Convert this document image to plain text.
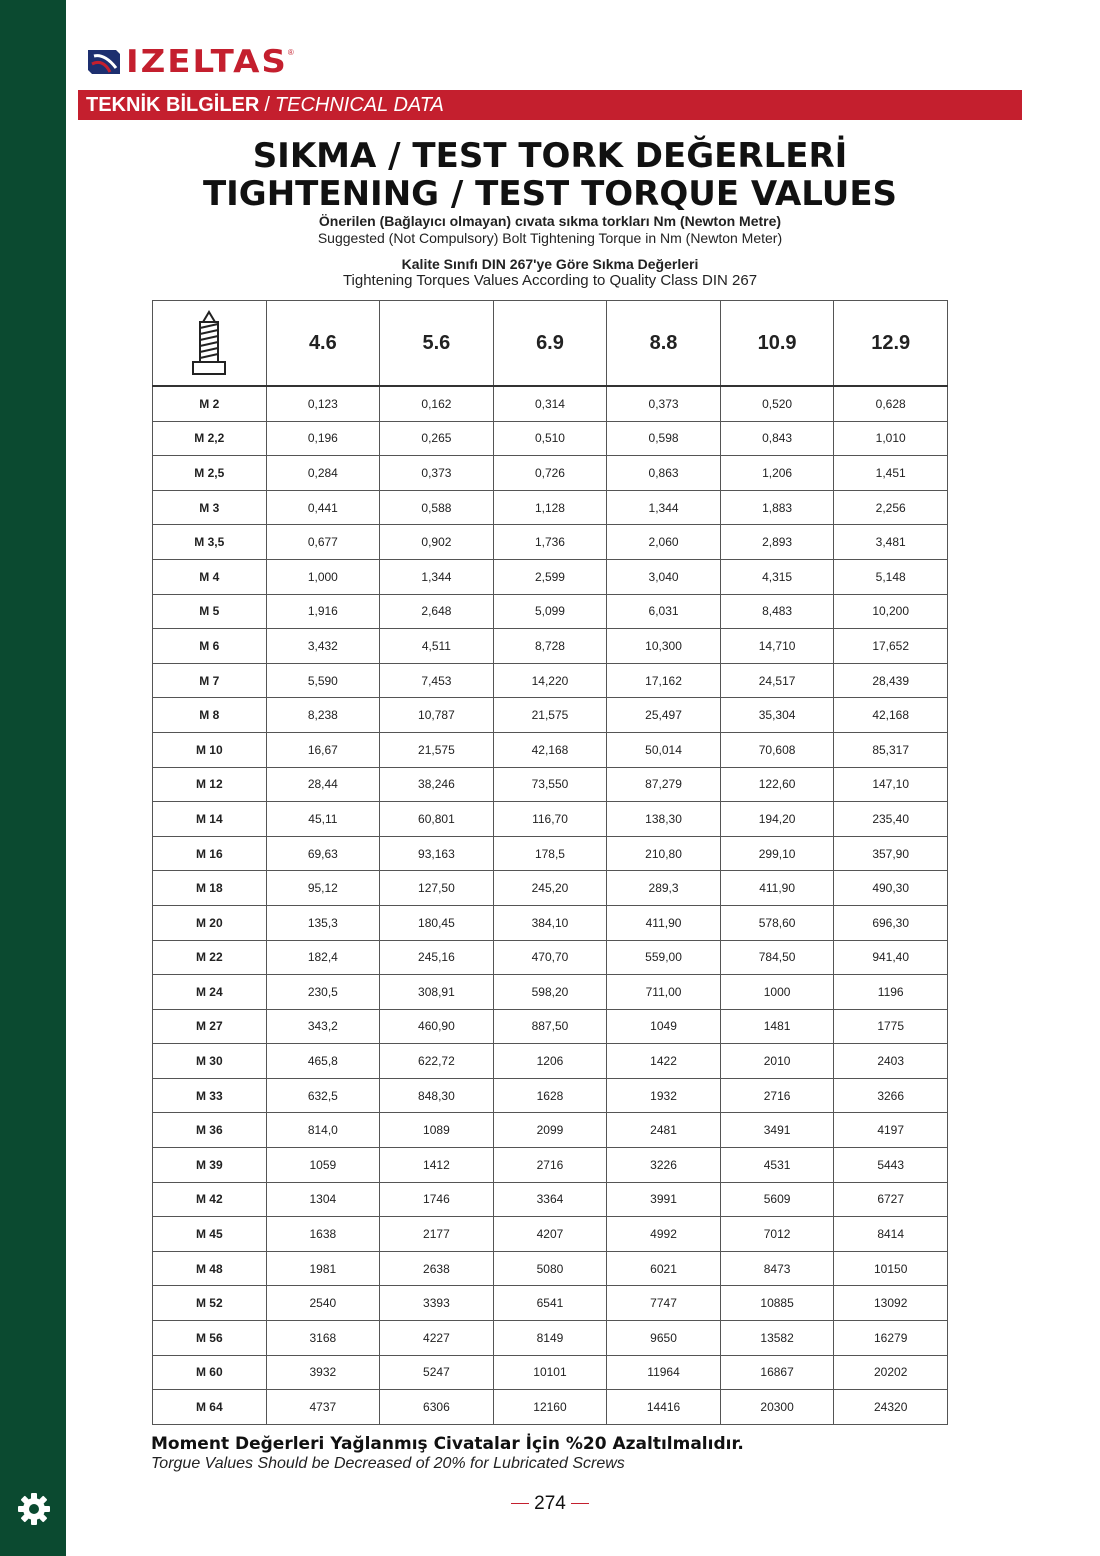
IZELTAS ®
TEKNİK BİLGİLER / TECHNICAL DATA
SIKMA / TEST TORK DEĞERLERİ
TIGHTENING / TEST TORQUE VALUES
Önerilen (Bağlayıcı olmayan) cıvata sıkma torkları Nm (Newton Metre)
Suggested (Not Compulsory) Bolt Tightening Torque in Nm (Newton Meter)
Kalite Sınıfı DIN 267'ye Göre Sıkma Değerleri
Tightening Torques Values According to Quality Class DIN 267
	4.6	5.6	6.9	8.8	10.9	12.9
M 2	0,123	0,162	0,314	0,373	0,520	0,628
M 2,2	0,196	0,265	0,510	0,598	0,843	1,010
M 2,5	0,284	0,373	0,726	0,863	1,206	1,451
M 3	0,441	0,588	1,128	1,344	1,883	2,256
M 3,5	0,677	0,902	1,736	2,060	2,893	3,481
M 4	1,000	1,344	2,599	3,040	4,315	5,148
M 5	1,916	2,648	5,099	6,031	8,483	10,200
M 6	3,432	4,511	8,728	10,300	14,710	17,652
M 7	5,590	7,453	14,220	17,162	24,517	28,439
M 8	8,238	10,787	21,575	25,497	35,304	42,168
M 10	16,67	21,575	42,168	50,014	70,608	85,317
M 12	28,44	38,246	73,550	87,279	122,60	147,10
M 14	45,11	60,801	116,70	138,30	194,20	235,40
M 16	69,63	93,163	178,5	210,80	299,10	357,90
M 18	95,12	127,50	245,20	289,3	411,90	490,30
M 20	135,3	180,45	384,10	411,90	578,60	696,30
M 22	182,4	245,16	470,70	559,00	784,50	941,40
M 24	230,5	308,91	598,20	711,00	1000	1196
M 27	343,2	460,90	887,50	1049	1481	1775
M 30	465,8	622,72	1206	1422	2010	2403
M 33	632,5	848,30	1628	1932	2716	3266
M 36	814,0	1089	2099	2481	3491	4197
M 39	1059	1412	2716	3226	4531	5443
M 42	1304	1746	3364	3991	5609	6727
M 45	1638	2177	4207	4992	7012	8414
M 48	1981	2638	5080	6021	8473	10150
M 52	2540	3393	6541	7747	10885	13092
M 56	3168	4227	8149	9650	13582	16279
M 60	3932	5247	10101	11964	16867	20202
M 64	4737	6306	12160	14416	20300	24320
Moment Değerleri Yağlanmış Civatalar İçin %20 Azaltılmalıdır.
Torgue Values Should be Decreased of 20% for Lubricated Screws
274
